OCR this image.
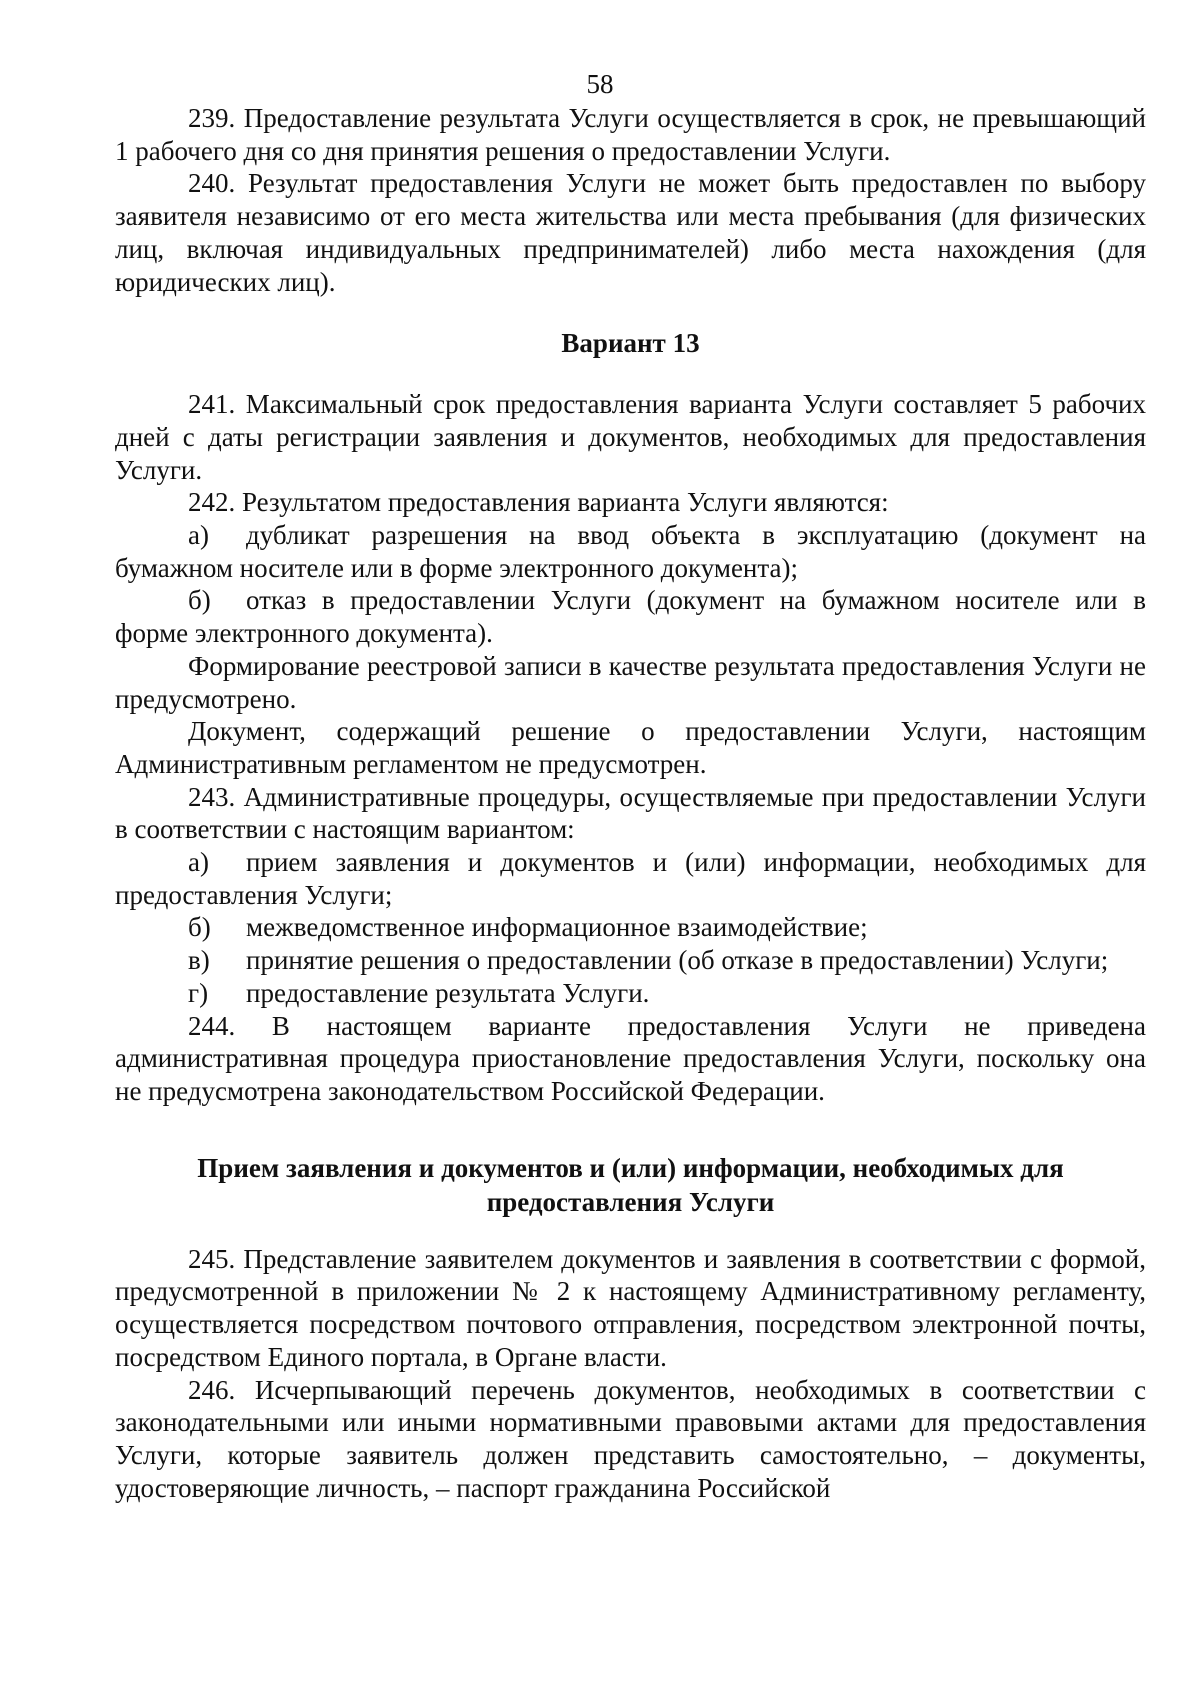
58

239. Предоставление результата Услуги осуществляется в срок, не превышающий 1 рабочего дня со дня принятия решения о предоставлении Услуги.

240. Результат предоставления Услуги не может быть предоставлен по выбору заявителя независимо от его места жительства или места пребывания (для физических лиц, включая индивидуальных предпринимателей) либо места нахождения (для юридических лиц).

Вариант 13

241. Максимальный срок предоставления варианта Услуги составляет 5 рабочих дней с даты регистрации заявления и документов, необходимых для предоставления Услуги.

242. Результатом предоставления варианта Услуги являются:

а) дубликат разрешения на ввод объекта в эксплуатацию (документ на бумажном носителе или в форме электронного документа);

б) отказ в предоставлении Услуги (документ на бумажном носителе или в форме электронного документа).

Формирование реестровой записи в качестве результата предоставления Услуги не предусмотрено.

Документ, содержащий решение о предоставлении Услуги, настоящим Административным регламентом не предусмотрен.

243. Административные процедуры, осуществляемые при предоставлении Услуги в соответствии с настоящим вариантом:

а) прием заявления и документов и (или) информации, необходимых для предоставления Услуги;

б) межведомственное информационное взаимодействие;

в) принятие решения о предоставлении (об отказе в предоставлении) Услуги;

г) предоставление результата Услуги.

244. В настоящем варианте предоставления Услуги не приведена административная процедура приостановление предоставления Услуги, поскольку она не предусмотрена законодательством Российской Федерации.

Прием заявления и документов и (или) информации, необходимых для
предоставления Услуги

245. Представление заявителем документов и заявления в соответствии с формой, предусмотренной в приложении № 2 к настоящему Административному регламенту, осуществляется посредством почтового отправления, посредством электронной почты, посредством Единого портала, в Органе власти.

246. Исчерпывающий перечень документов, необходимых в соответствии с законодательными или иными нормативными правовыми актами для предоставления Услуги, которые заявитель должен представить самостоятельно, – документы, удостоверяющие личность, – паспорт гражданина Российской
